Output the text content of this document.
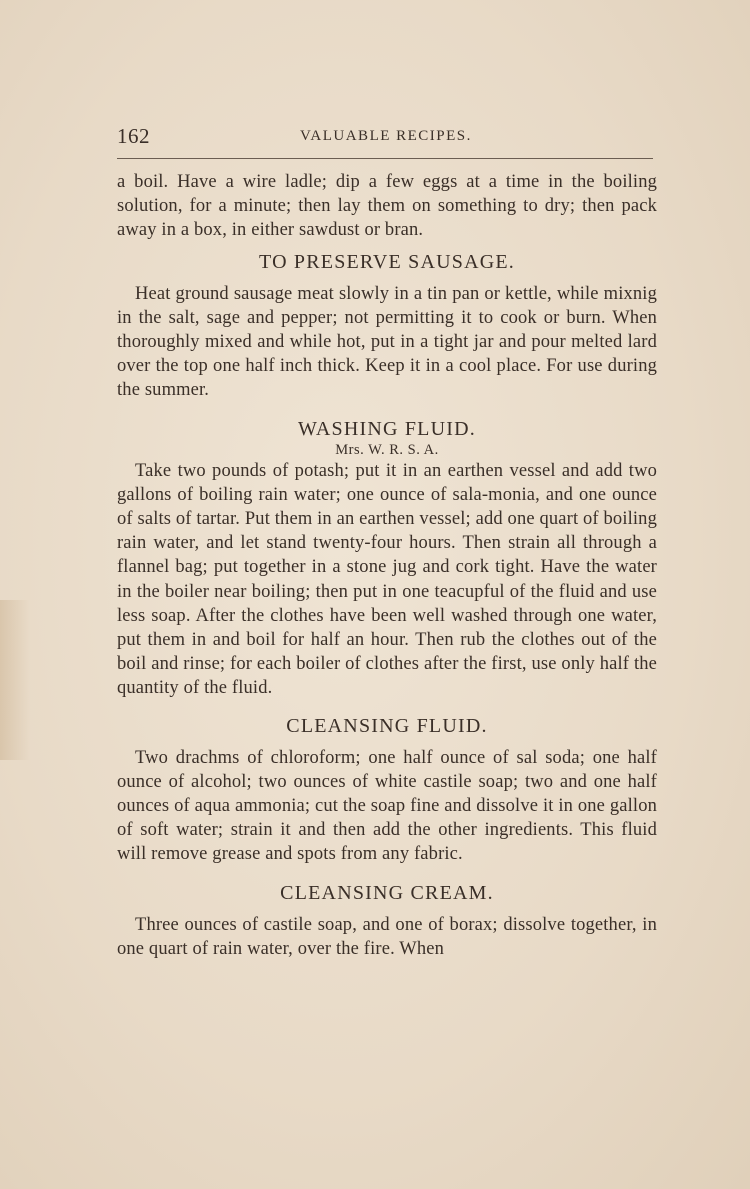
162	VALUABLE RECIPES.

a boil. Have a wire ladle; dip a few eggs at a time in the boiling solution, for a minute; then lay them on something to dry; then pack away in a box, in either sawdust or bran.

TO PRESERVE SAUSAGE.

Heat ground sausage meat slowly in a tin pan or kettle, while mixnig in the salt, sage and pepper; not permitting it to cook or burn. When thoroughly mixed and while hot, put in a tight jar and pour melted lard over the top one half inch thick. Keep it in a cool place. For use during the summer.

WASHING FLUID.
Mrs. W. R. S. A.

Take two pounds of potash; put it in an earthen vessel and add two gallons of boiling rain water; one ounce of sala-monia, and one ounce of salts of tartar. Put them in an earthen vessel; add one quart of boiling rain water, and let stand twenty-four hours. Then strain all through a flannel bag; put together in a stone jug and cork tight. Have the water in the boiler near boiling; then put in one teacupful of the fluid and use less soap. After the clothes have been well washed through one water, put them in and boil for half an hour. Then rub the clothes out of the boil and rinse; for each boiler of clothes after the first, use only half the quantity of the fluid.

CLEANSING FLUID.

Two drachms of chloroform; one half ounce of sal soda; one half ounce of alcohol; two ounces of white castile soap; two and one half ounces of aqua ammonia; cut the soap fine and dissolve it in one gallon of soft water; strain it and then add the other ingredients. This fluid will remove grease and spots from any fabric.

CLEANSING CREAM.

Three ounces of castile soap, and one of borax; dissolve together, in one quart of rain water, over the fire. When
